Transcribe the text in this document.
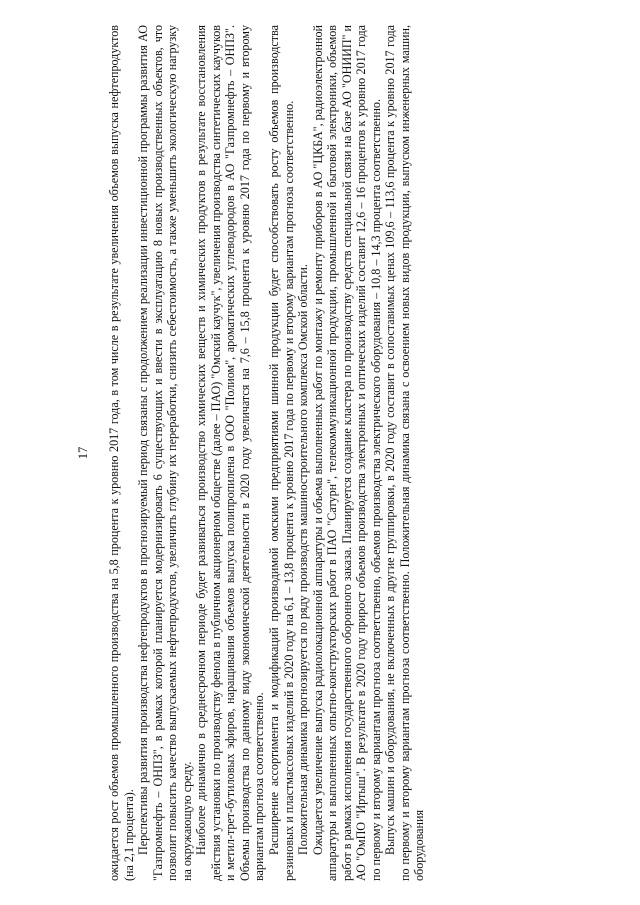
17 ожидается рост объемов промышленного производства на 5,8 процента к уровню 2017 года, в том числе в результате увеличения объемов выпуска нефтепродуктов (на 2,1 процента). Перспективы развития производства нефтепродуктов в прогнозируемый период связаны с продолжением реализации инвестиционной программы развития АО "Газпромнефть – ОНПЗ", в рамках которой планируется модернизировать 6 существующих и ввести в эксплуатацию 8 новых производственных объектов, что позволит повысить качество выпускаемых нефтепродуктов, увеличить глубину их переработки, снизить себестоимость, а также уменьшить экологическую нагрузку на окружающую среду. Наиболее динамично в среднесрочном периоде будет развиваться производство химических веществ и химических продуктов в результате восстановления действия установки по производству фенола в публичном акционерном обществе (далее – ПАО) "Омский каучук", увеличения производства синтетических каучуков и метил-трет-бутиловых эфиров, наращивания объемов выпуска полипропилена в ООО "Полиом", ароматических углеводородов в АО "Газпромнефть – ОНПЗ". Объемы производства по данному виду экономической деятельности в 2020 году увеличатся на 7,6 – 15,8 процента к уровню 2017 года по первому и второму вариантам прогноза соответственно. Расширение ассортимента и модификаций производимой омскими предприятиями шинной продукции будет способствовать росту объемов производства резиновых и пластмассовых изделий в 2020 году на 6,1 – 13,8 процента к уровню 2017 года по первому и второму вариантам прогноза соответственно. Положительная динамика прогнозируется по ряду производств машиностроительного комплекса Омской области. Ожидается увеличение выпуска радиолокационной аппаратуры и объема выполненных работ по монтажу и ремонту приборов в АО "ЦКБА", радиоэлектронной аппаратуры и выполненных опытно-конструкторских работ в ПАО "Сатурн", телекоммуникационной продукции, промышленной и бытовой электроники, объемов работ в рамках исполнения государственного оборонного заказа. Планируется создание кластера по производству средств специальной связи на базе АО "ОНИИП" и АО "ОмПО "Иртыш". В результате в 2020 году прирост объемов производства электронных и оптических изделий составит 12,6 – 16 процентов к уровню 2017 года по первому и второму вариантам прогноза соответственно, объемов производства электрического оборудования – 10,8 – 14,3 процента соответственно. Выпуск машин и оборудования, не включенных в другие группировки, в 2020 году составит в сопоставимых ценах 109,6 – 113,6 процента к уровню 2017 года по первому и второму вариантам прогноза соответственно. Положительная динамика связана с освоением новых видов продукции, выпуском инженерных машин, оборудования
